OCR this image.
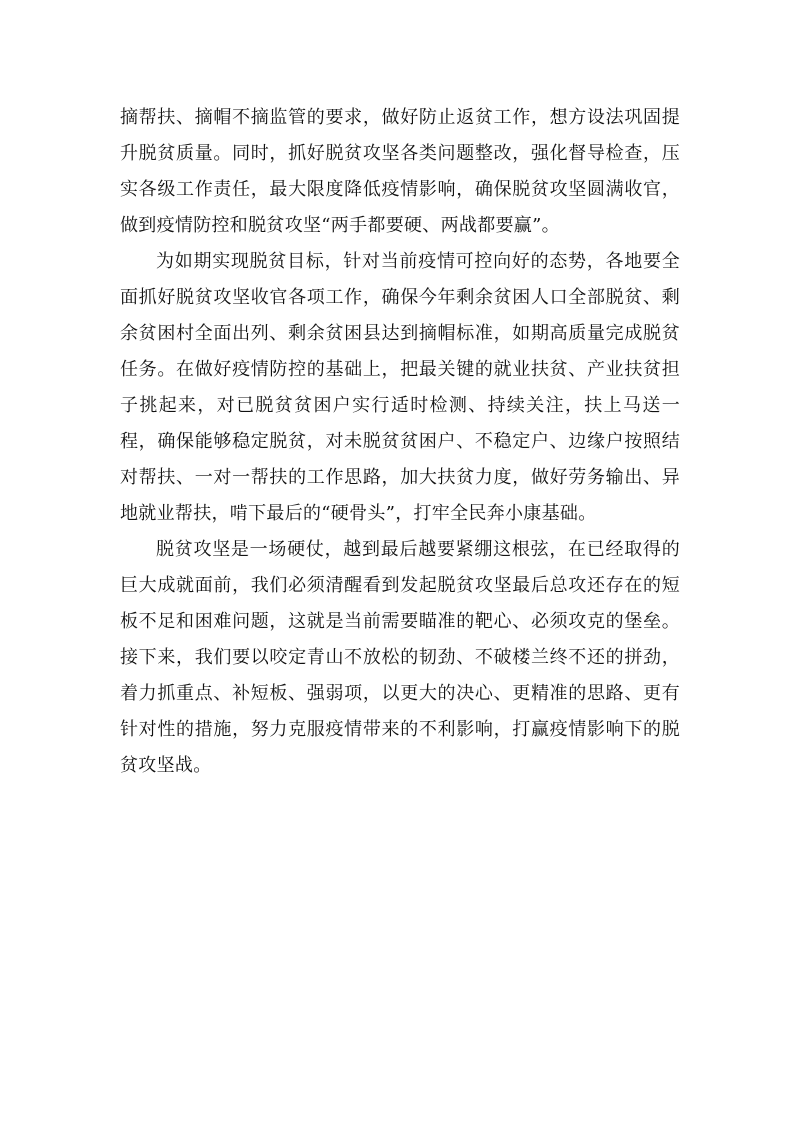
摘帮扶、摘帽不摘监管的要求，做好防止返贫工作，想方设法巩固提升脱贫质量。同时，抓好脱贫攻坚各类问题整改，强化督导检查，压实各级工作责任，最大限度降低疫情影响，确保脱贫攻坚圆满收官，做到疫情防控和脱贫攻坚“两手都要硬、两战都要赢”。

为如期实现脱贫目标，针对当前疫情可控向好的态势，各地要全面抓好脱贫攻坚收官各项工作，确保今年剩余贫困人口全部脱贫、剩余贫困村全面出列、剩余贫困县达到摘帽标准，如期高质量完成脱贫任务。在做好疫情防控的基础上，把最关键的就业扶贫、产业扶贫担子挑起来，对已脱贫贫困户实行适时检测、持续关注，扶上马送一程，确保能够稳定脱贫，对未脱贫贫困户、不稳定户、边缘户按照结对帮扶、一对一帮扶的工作思路，加大扶贫力度，做好劳务输出、异地就业帮扶，啃下最后的“硬骨头”，打牢全民奔小康基础。

脱贫攻坚是一场硬仗，越到最后越要紧绷这根弦，在已经取得的巨大成就面前，我们必须清醒看到发起脱贫攻坚最后总攻还存在的短板不足和困难问题，这就是当前需要瞄准的靶心、必须攻克的堡垒。接下来，我们要以咬定青山不放松的韧劲、不破楼兰终不还的拼劲，着力抓重点、补短板、强弱项，以更大的决心、更精准的思路、更有针对性的措施，努力克服疫情带来的不利影响，打赢疫情影响下的脱贫攻坚战。
